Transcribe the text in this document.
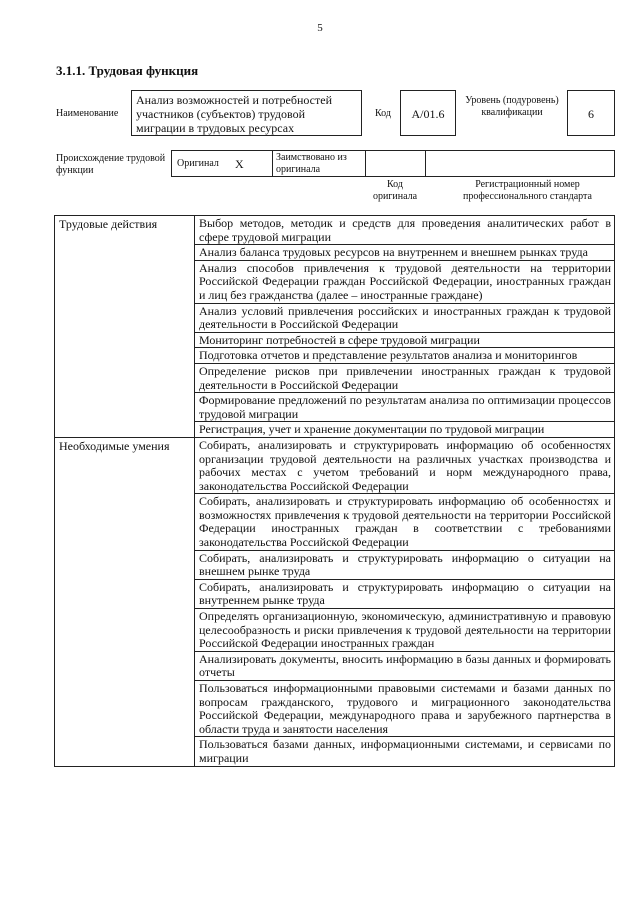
5
3.1.1. Трудовая функция
Наименование
Анализ возможностей и потребностей участников (субъектов) трудовой миграции в трудовых ресурсах
Код	A/01.6
Уровень (подуровень) квалификации	6
Происхождение трудовой функции
Оригинал X	Заимствовано из оригинала
Код оригинала
Регистрационный номер профессионального стандарта
Трудовые действия	Выбор методов, методик и средств для проведения аналитических работ в сфере трудовой миграции
	Анализ баланса трудовых ресурсов на внутреннем и внешнем рынках труда
	Анализ способов привлечения к трудовой деятельности на территории Российской Федерации граждан Российской Федерации, иностранных граждан и лиц без гражданства (далее – иностранные граждане)
	Анализ условий привлечения российских и иностранных граждан к трудовой деятельности в Российской Федерации
	Мониторинг потребностей в сфере трудовой миграции
	Подготовка отчетов и представление результатов анализа и мониторингов
	Определение рисков при привлечении иностранных граждан к трудовой деятельности в Российской Федерации
	Формирование предложений по результатам анализа по оптимизации процессов трудовой миграции
	Регистрация, учет и хранение документации по трудовой миграции
Необходимые умения	Собирать, анализировать и структурировать информацию об особенностях организации трудовой деятельности на различных участках производства и рабочих местах с учетом требований и норм международного права, законодательства Российской Федерации
	Собирать, анализировать и структурировать информацию об особенностях и возможностях привлечения к трудовой деятельности на территории Российской Федерации иностранных граждан в соответствии с требованиями законодательства Российской Федерации
	Собирать, анализировать и структурировать информацию о ситуации на внешнем рынке труда
	Собирать, анализировать и структурировать информацию о ситуации на внутреннем рынке труда
	Определять организационную, экономическую, административную и правовую целесообразность и риски привлечения к трудовой деятельности на территории Российской Федерации иностранных граждан
	Анализировать документы, вносить информацию в базы данных и формировать отчеты
	Пользоваться информационными правовыми системами и базами данных по вопросам гражданского, трудового и миграционного законодательства Российской Федерации, международного права и зарубежного партнерства в области труда и занятости населения
	Пользоваться базами данных, информационными системами, и сервисами по миграции
